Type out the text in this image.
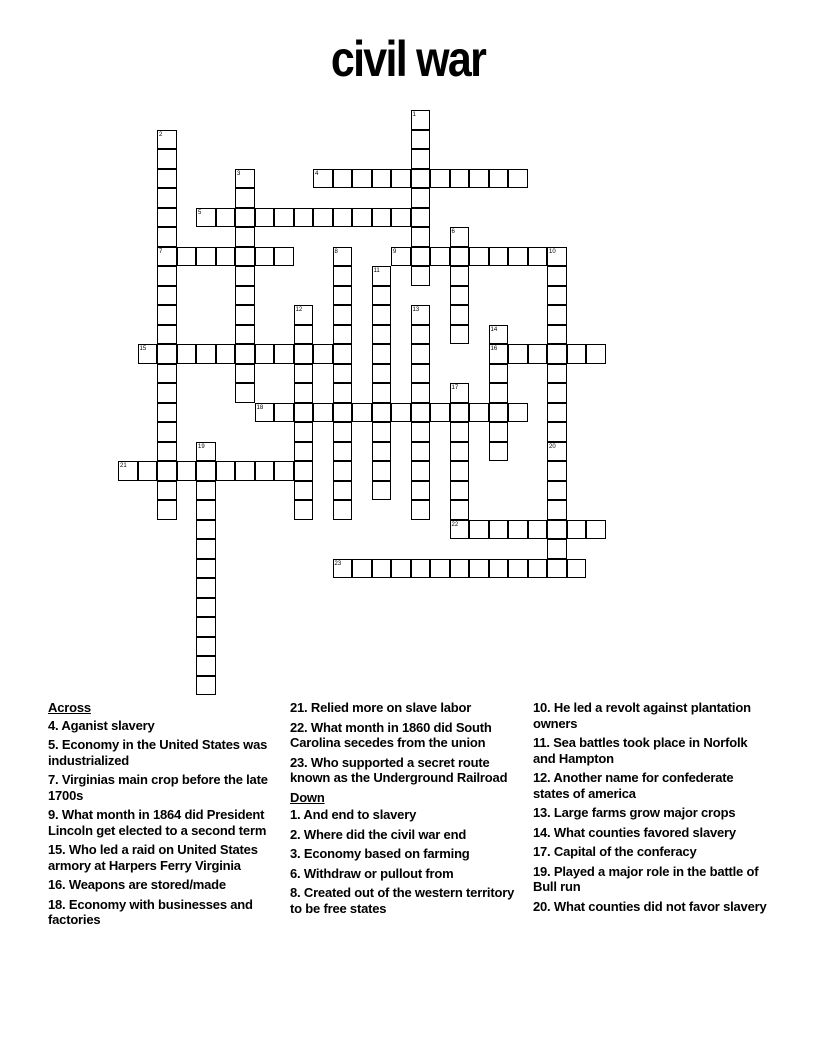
civil war
1
2
7
3	4
5
6
8	9	10
11
12	13
14
16
15
17
22
18
19	20
21
23
Across
4. Aganist slavery
5. Economy in the United States was industrialized
7. Virginias main crop before the late 1700s
9. What month in 1864 did President Lincoln get elected to a second term
15. Who led a raid on United States armory at Harpers Ferry Virginia
16. Weapons are stored/made
18. Economy with businesses and factories
21. Relied more on slave labor
22. What month in 1860 did South Carolina secedes from the union
23. Who supported a secret route known as the Underground Railroad
Down
1. And end to slavery
2. Where did the civil war end
3. Economy based on farming
6. Withdraw or pullout from
8. Created out of the western territory to be free states
10. He led a revolt against plantation owners
11. Sea battles took place in Norfolk and Hampton
12. Another name for confederate states of america
13. Large farms grow major crops
14. What counties favored slavery
17. Capital of the conferacy
19. Played a major role in the battle of Bull run
20. What counties did not favor slavery
